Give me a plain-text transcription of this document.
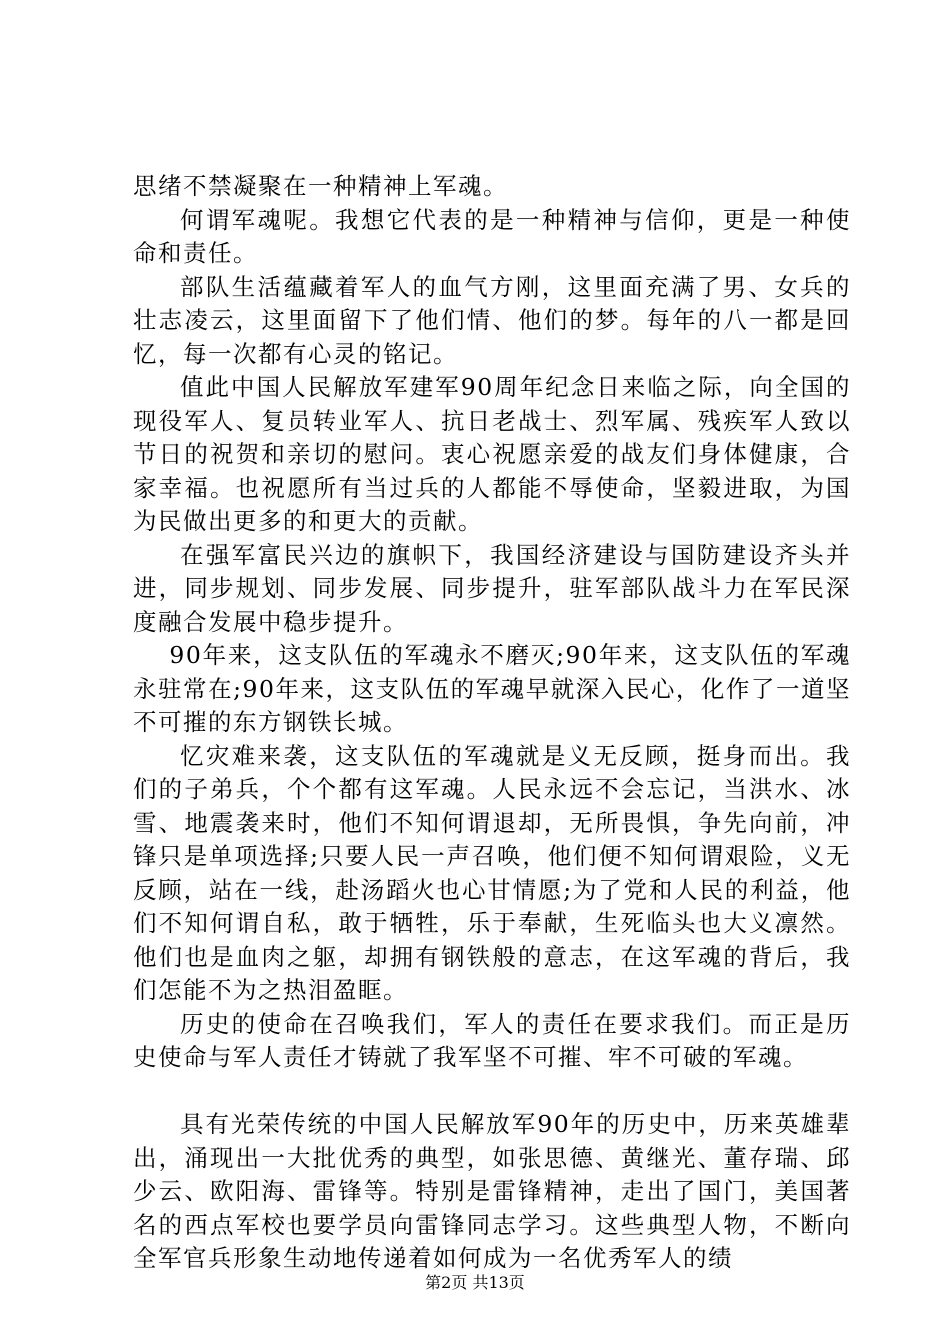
思绪不禁凝聚在一种精神上军魂。

何谓军魂呢。我想它代表的是一种精神与信仰，更是一种使命和责任。

部队生活蕴藏着军人的血气方刚，这里面充满了男、女兵的壮志凌云，这里面留下了他们情、他们的梦。每年的八一都是回忆，每一次都有心灵的铭记。

值此中国人民解放军建军90周年纪念日来临之际，向全国的现役军人、复员转业军人、抗日老战士、烈军属、残疾军人致以节日的祝贺和亲切的慰问。衷心祝愿亲爱的战友们身体健康，合家幸福。也祝愿所有当过兵的人都能不辱使命，坚毅进取，为国为民做出更多的和更大的贡献。

在强军富民兴边的旗帜下，我国经济建设与国防建设齐头并进，同步规划、同步发展、同步提升，驻军部队战斗力在军民深度融合发展中稳步提升。

90年来，这支队伍的军魂永不磨灭;90年来，这支队伍的军魂永驻常在;90年来，这支队伍的军魂早就深入民心，化作了一道坚不可摧的东方钢铁长城。

忆灾难来袭，这支队伍的军魂就是义无反顾，挺身而出。我们的子弟兵，个个都有这军魂。人民永远不会忘记，当洪水、冰雪、地震袭来时，他们不知何谓退却，无所畏惧，争先向前，冲锋只是单项选择;只要人民一声召唤，他们便不知何谓艰险，义无反顾，站在一线，赴汤蹈火也心甘情愿;为了党和人民的利益，他们不知何谓自私，敢于牺牲，乐于奉献，生死临头也大义凛然。他们也是血肉之躯，却拥有钢铁般的意志，在这军魂的背后，我们怎能不为之热泪盈眶。

历史的使命在召唤我们，军人的责任在要求我们。而正是历史使命与军人责任才铸就了我军坚不可摧、牢不可破的军魂。

具有光荣传统的中国人民解放军90年的历史中，历来英雄辈出，涌现出一大批优秀的典型，如张思德、黄继光、董存瑞、邱少云、欧阳海、雷锋等。特别是雷锋精神，走出了国门，美国著名的西点军校也要学员向雷锋同志学习。这些典型人物，不断向全军官兵形象生动地传递着如何成为一名优秀军人的绩

第2页 共13页
